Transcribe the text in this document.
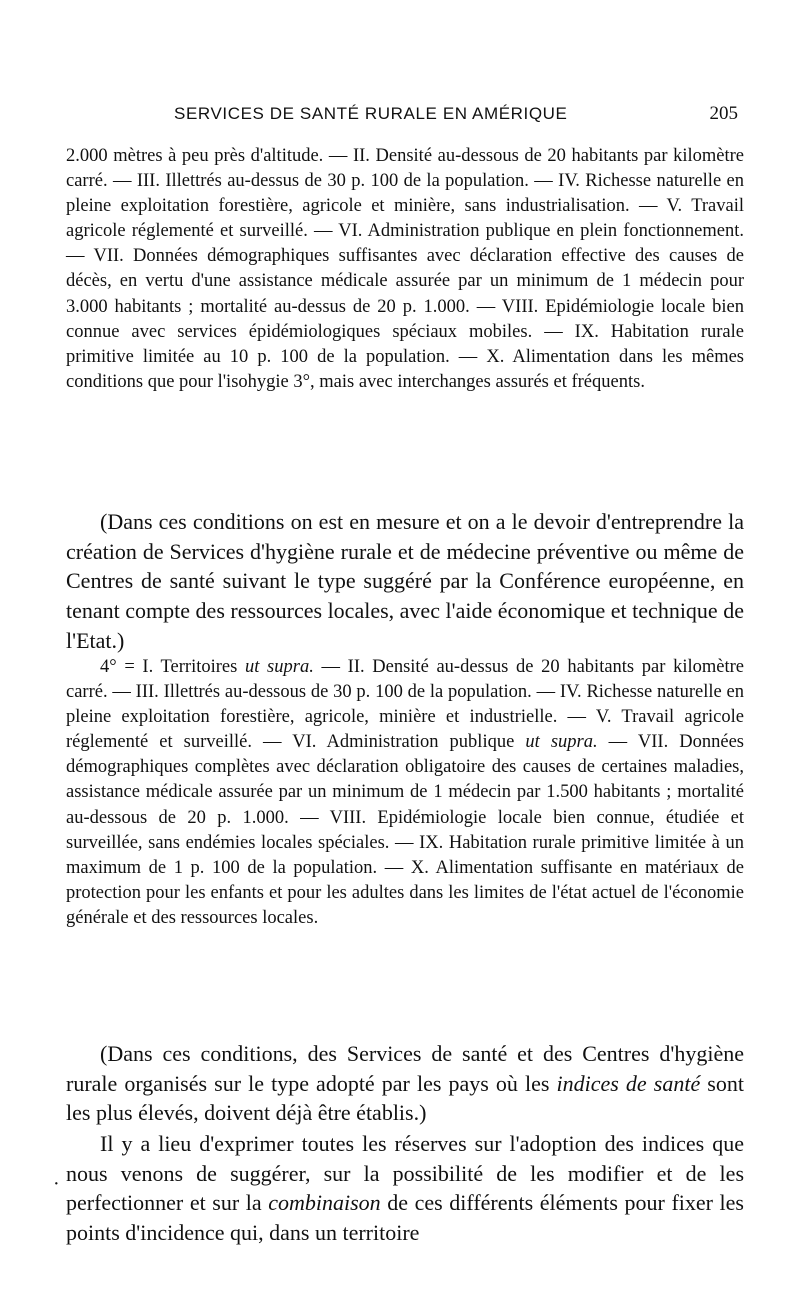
SERVICES DE SANTÉ RURALE EN AMÉRIQUE	205

2.000 mètres à peu près d'altitude. — II. Densité au-dessous de 20 habitants par kilomètre carré. — III. Illettrés au-dessus de 30 p. 100 de la population. — IV. Richesse naturelle en pleine exploitation forestière, agricole et minière, sans industrialisation. — V. Travail agricole réglementé et surveillé. — VI. Administration publique en plein fonctionnement. — VII. Données démographiques suffisantes avec déclaration effective des causes de décès, en vertu d'une assistance médicale assurée par un minimum de 1 médecin pour 3.000 habitants ; mortalité au-dessus de 20 p. 1.000. — VIII. Epidémiologie locale bien connue avec services épidémiologiques spéciaux mobiles. — IX. Habitation rurale primitive limitée au 10 p. 100 de la population. — X. Alimentation dans les mêmes conditions que pour l'isohygie 3°, mais avec interchanges assurés et fréquents.

(Dans ces conditions on est en mesure et on a le devoir d'entreprendre la création de Services d'hygiène rurale et de médecine préventive ou même de Centres de santé suivant le type suggéré par la Conférence européenne, en tenant compte des ressources locales, avec l'aide économique et technique de l'Etat.)

4° = I. Territoires ut supra. — II. Densité au-dessus de 20 habitants par kilomètre carré. — III. Illettrés au-dessous de 30 p. 100 de la population. — IV. Richesse naturelle en pleine exploitation forestière, agricole, minière et industrielle. — V. Travail agricole réglementé et surveillé. — VI. Administration publique ut supra. — VII. Données démographiques complètes avec déclaration obligatoire des causes de certaines maladies, assistance médicale assurée par un minimum de 1 médecin par 1.500 habitants ; mortalité au-dessous de 20 p. 1.000. — VIII. Epidémiologie locale bien connue, étudiée et surveillée, sans endémies locales spéciales. — IX. Habitation rurale primitive limitée à un maximum de 1 p. 100 de la population. — X. Alimentation suffisante en matériaux de protection pour les enfants et pour les adultes dans les limites de l'état actuel de l'économie générale et des ressources locales.

(Dans ces conditions, des Services de santé et des Centres d'hygiène rurale organisés sur le type adopté par les pays où les indices de santé sont les plus élevés, doivent déjà être établis.)

Il y a lieu d'exprimer toutes les réserves sur l'adoption des indices que nous venons de suggérer, sur la possibilité de les modifier et de les perfectionner et sur la combinaison de ces différents éléments pour fixer les points d'incidence qui, dans un territoire

·
